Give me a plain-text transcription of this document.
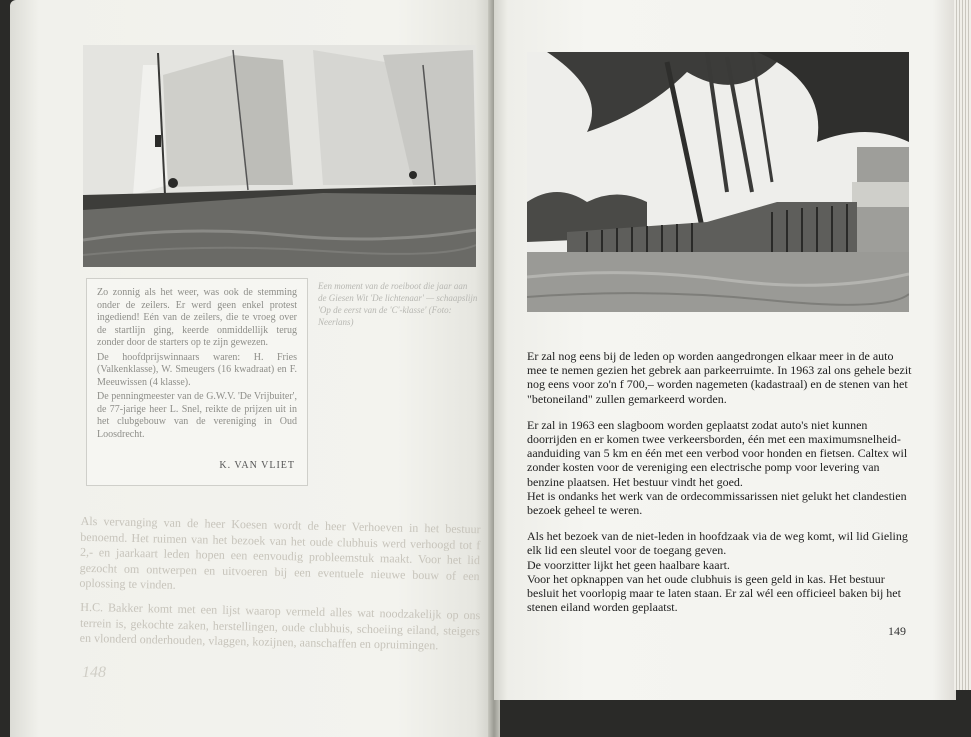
Een moment van de roeiboot die jaar aan de Giesen Wit 'De lichtenaar' — schaapslijn 'Op de eerst van de 'C'-klasse' (Foto: Neerlans)

Zo zonnig als het weer, was ook de stemming onder de zeilers. Er werd geen enkel protest ingediend! Eén van de zeilers, die te vroeg over de startlijn ging, keerde onmiddellijk terug zonder door de starters op te zijn gewezen.

De hoofdprijswinnaars waren: H. Fries (Valkenklasse), W. Smeugers (16 kwadraat) en F. Meeuwissen (4 klasse).

De penningmeester van de G.W.V. 'De Vrijbuiter', de 77-jarige heer L. Snel, reikte de prijzen uit in het clubgebouw van de vereniging in Oud Loosdrecht.

K. VAN VLIET
Als vervanging van de heer Koesen wordt de heer Verhoeven in het bestuur benoemd. Het ruimen van het bezoek van het oude clubhuis werd verhoogd tot f 2,- en jaarkaart leden hopen een eenvoudig probleemstuk maakt. Voor het lid gezocht om ontwerpen en uitvoeren bij een eventuele nieuwe bouw of een oplossing te vinden.
H.C. Bakker komt met een lijst waarop vermeld alles wat noodzakelijk op ons terrein is, gekochte zaken, herstellingen, oude clubhuis, schoeiing eiland, steigers en vlonderd onderhouden, vlaggen, kozijnen, aanschaffen en opruimingen.
148

Er zal nog eens bij de leden op worden aangedrongen elkaar meer in de auto mee te nemen gezien het gebrek aan parkeerruimte. In 1963 zal ons gehele bezit nog eens voor zo'n f 700,– worden nagemeten (kadastraal) en de stenen van het "betoneiland" zullen gemarkeerd worden.

Er zal in 1963 een slagboom worden geplaatst zodat auto's niet kunnen doorrijden en er komen twee verkeersborden, één met een maximumsnelheid-aanduiding van 5 km en één met een verbod voor honden en fietsen. Caltex wil zonder kosten voor de vereniging een electrische pomp voor levering van benzine plaatsen. Het bestuur vindt het goed.
Het is ondanks het werk van de ordecommissarissen niet gelukt het clandestien bezoek geheel te weren.

Als het bezoek van de niet-leden in hoofdzaak via de weg komt, wil lid Gieling elk lid een sleutel voor de toegang geven.
De voorzitter lijkt het geen haalbare kaart.
Voor het opknappen van het oude clubhuis is geen geld in kas. Het bestuur besluit het voorlopig maar te laten staan. Er zal wél een officieel baken bij het stenen eiland worden geplaatst.

149
